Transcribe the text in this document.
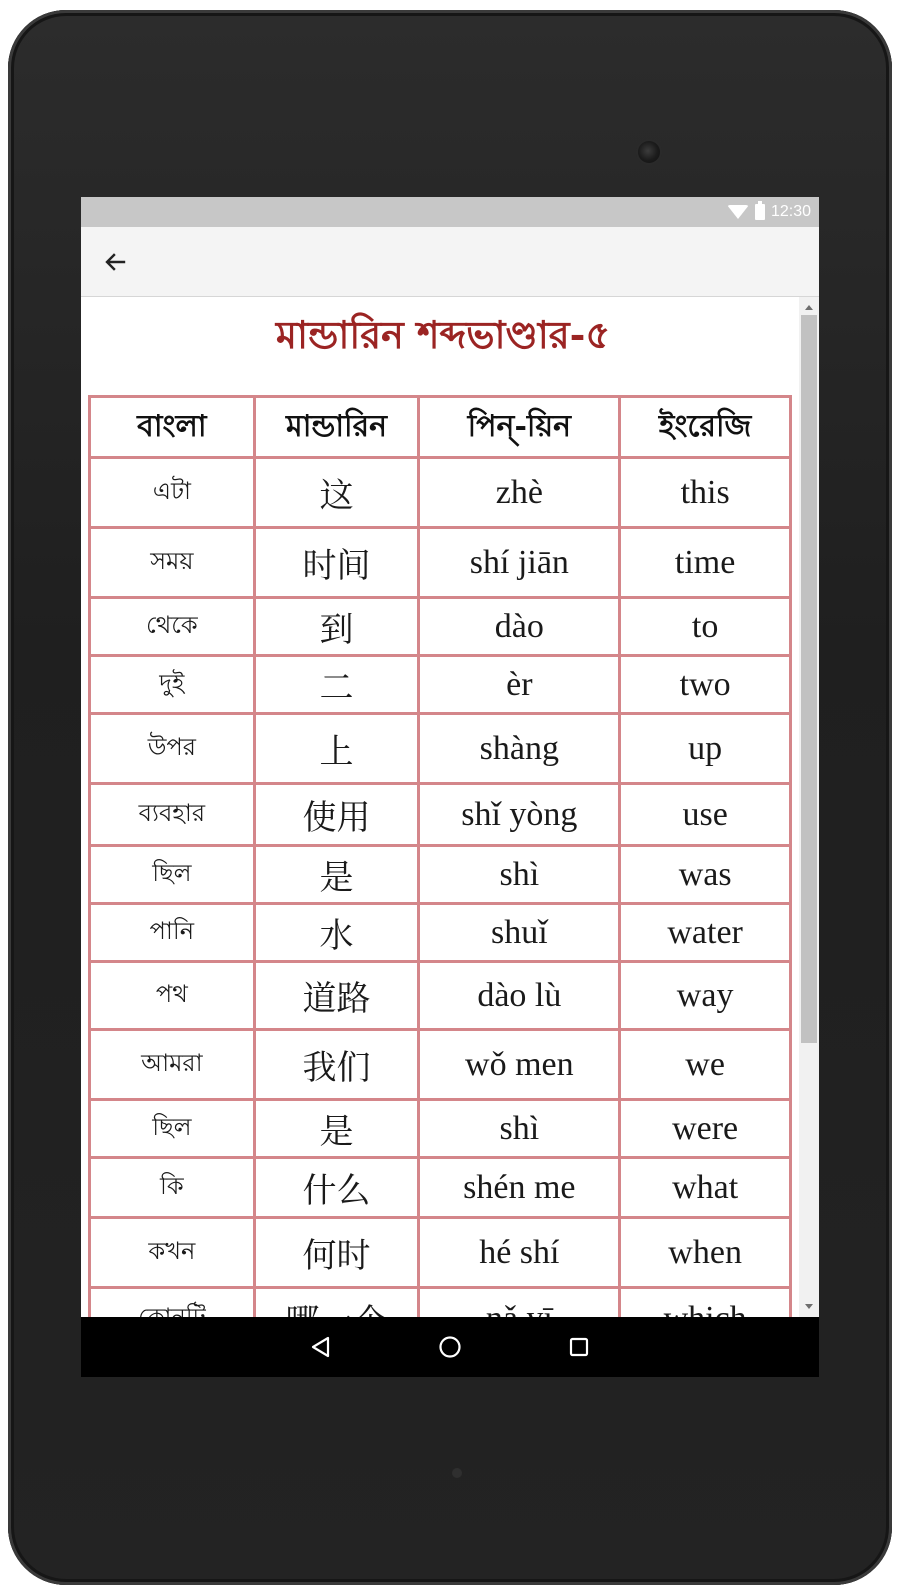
12:30
মান্ডারিন শব্দভাণ্ডার-৫
বাংলা	মান্ডারিন	পিন্-য়িন	ইংরেজি
এটা	这	zhè	this
সময়	时间	shí jiān	time
থেকে	到	dào	to
দুই	二	èr	two
উপর	上	shàng	up
ব্যবহার	使用	shǐ yòng	use
ছিল	是	shì	was
পানি	水	shuǐ	water
পথ	道路	dào lù	way
আমরা	我们	wǒ men	we
ছিল	是	shì	were
কি	什么	shén me	what
কখন	何时	hé shí	when
